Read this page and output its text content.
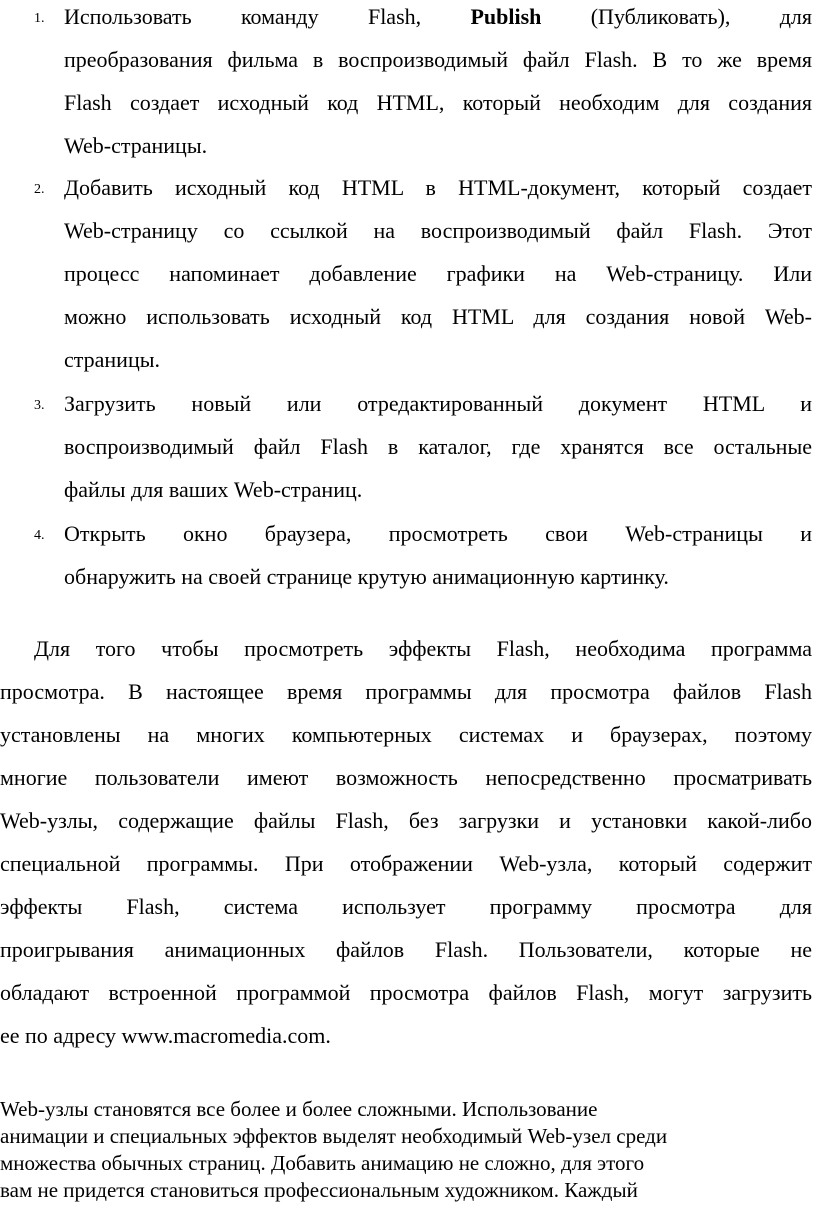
1. Использовать команду Flash, Publish (Публиковать), для
преобразования фильма в воспроизводимый файл Flash. В то же время
Flash создает исходный код HTML, который необходим для создания
Web-страницы.
2. Добавить исходный код HTML в HTML-документ, который создает
Web-страницу со ссылкой на воспроизводимый файл Flash. Этот
процесс напоминает добавление графики на Web-страницу. Или
можно использовать исходный код HTML для создания новой Web-
страницы.
3. Загрузить новый или отредактированный документ HTML и
воспроизводимый файл Flash в каталог, где хранятся все остальные
файлы для ваших Web-страниц.
4. Открыть окно браузера, просмотреть свои Web-страницы и
обнаружить на своей странице крутую анимационную картинку.
Для того чтобы просмотреть эффекты Flash, необходима программа
просмотра. В настоящее время программы для просмотра файлов Flash
установлены на многих компьютерных системах и браузерах, поэтому
многие пользователи имеют возможность непосредственно просматривать
Web-узлы, содержащие файлы Flash, без загрузки и установки какой-либо
специальной программы. При отображении Web-узла, который содержит
эффекты Flash, система использует программу просмотра для
проигрывания анимационных файлов Flash. Пользователи, которые не
обладают встроенной программой просмотра файлов Flash, могут загрузить
ее по адресу www.macromedia.com.
Web-узлы становятся все более и более сложными. Использование
анимации и специальных эффектов выделят необходимый Web-узел среди
множества обычных страниц. Добавить анимацию не сложно, для этого
вам не придется становиться профессиональным художником. Каждый
